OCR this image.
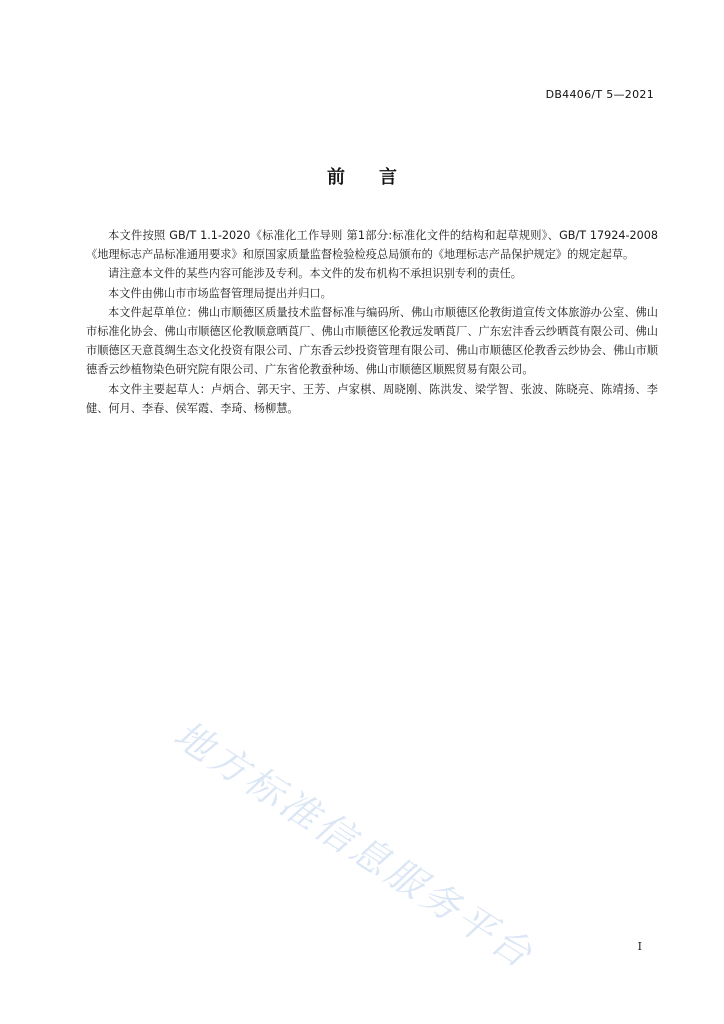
DB4406/T 5—2021
前言

本文件按照 GB/T 1.1-2020《标准化工作导则 第1部分:标准化文件的结构和起草规则》、GB/T 17924-2008《地理标志产品标准通用要求》和原国家质量监督检验检疫总局颁布的《地理标志产品保护规定》的规定起草。

请注意本文件的某些内容可能涉及专利。本文件的发布机构不承担识别专利的责任。

本文件由佛山市市场监督管理局提出并归口。

本文件起草单位：佛山市顺德区质量技术监督标准与编码所、佛山市顺德区伦教街道宣传文体旅游办公室、佛山市标准化协会、佛山市顺德区伦教顺意晒莨厂、佛山市顺德区伦教远发晒莨厂、广东宏沣香云纱晒莨有限公司、佛山市顺德区天意莨绸生态文化投资有限公司、广东香云纱投资管理有限公司、佛山市顺德区伦教香云纱协会、佛山市顺德香云纱植物染色研究院有限公司、广东省伦教蚕种场、佛山市顺德区顺熙贸易有限公司。

本文件主要起草人：卢炳合、郭天宇、王芳、卢家棋、周晓刚、陈洪发、梁学智、张波、陈晓亮、陈靖扬、李健、何月、李春、侯军霞、李琦、杨柳慧。

地方标准信息服务平台	I
